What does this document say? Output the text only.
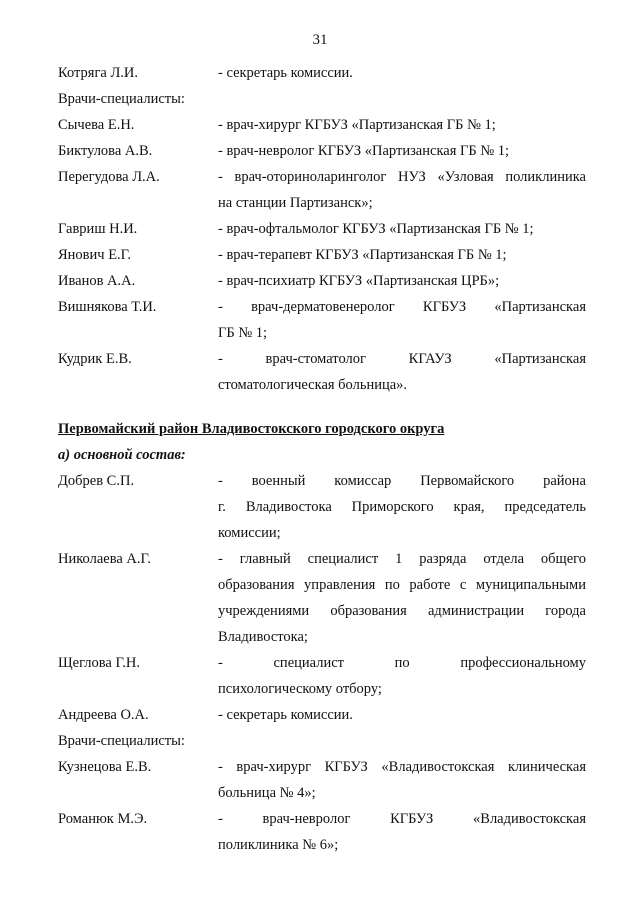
31
Котряга Л.И.	- секретарь комиссии.
Врачи-специалисты:
Сычева Е.Н.	- врач-хирург КГБУЗ «Партизанская ГБ № 1;
Биктулова А.В.	- врач-невролог КГБУЗ «Партизанская ГБ № 1;
Перегудова Л.А.	- врач-оториноларинголог НУЗ «Узловая поликлиника
на станции Партизанск»;
Гавриш Н.И.	- врач-офтальмолог КГБУЗ «Партизанская ГБ № 1;
Янович Е.Г.	- врач-терапевт КГБУЗ «Партизанская ГБ № 1;
Иванов А.А.	- врач-психиатр КГБУЗ «Партизанская ЦРБ»;
Вишнякова Т.И.	- врач-дерматовенеролог КГБУЗ «Партизанская
ГБ № 1;
Кудрик Е.В.	- врач-стоматолог КГАУЗ «Партизанская
стоматологическая больница».
Первомайский район Владивостокского городского округа
а) основной состав:
Добрев С.П.	- военный комиссар Первомайского района
г. Владивостока Приморского края, председатель
комиссии;
Николаева А.Г.	- главный специалист 1 разряда отдела общего
образования управления по работе с муниципальными
учреждениями образования администрации города
Владивостока;
Щеглова Г.Н.	- специалист по профессиональному
психологическому отбору;
Андреева О.А.	- секретарь комиссии.
Врачи-специалисты:
Кузнецова Е.В.	- врач-хирург КГБУЗ «Владивостокская клиническая
больница № 4»;
Романюк М.Э.	- врач-невролог КГБУЗ «Владивостокская
поликлиника № 6»;
